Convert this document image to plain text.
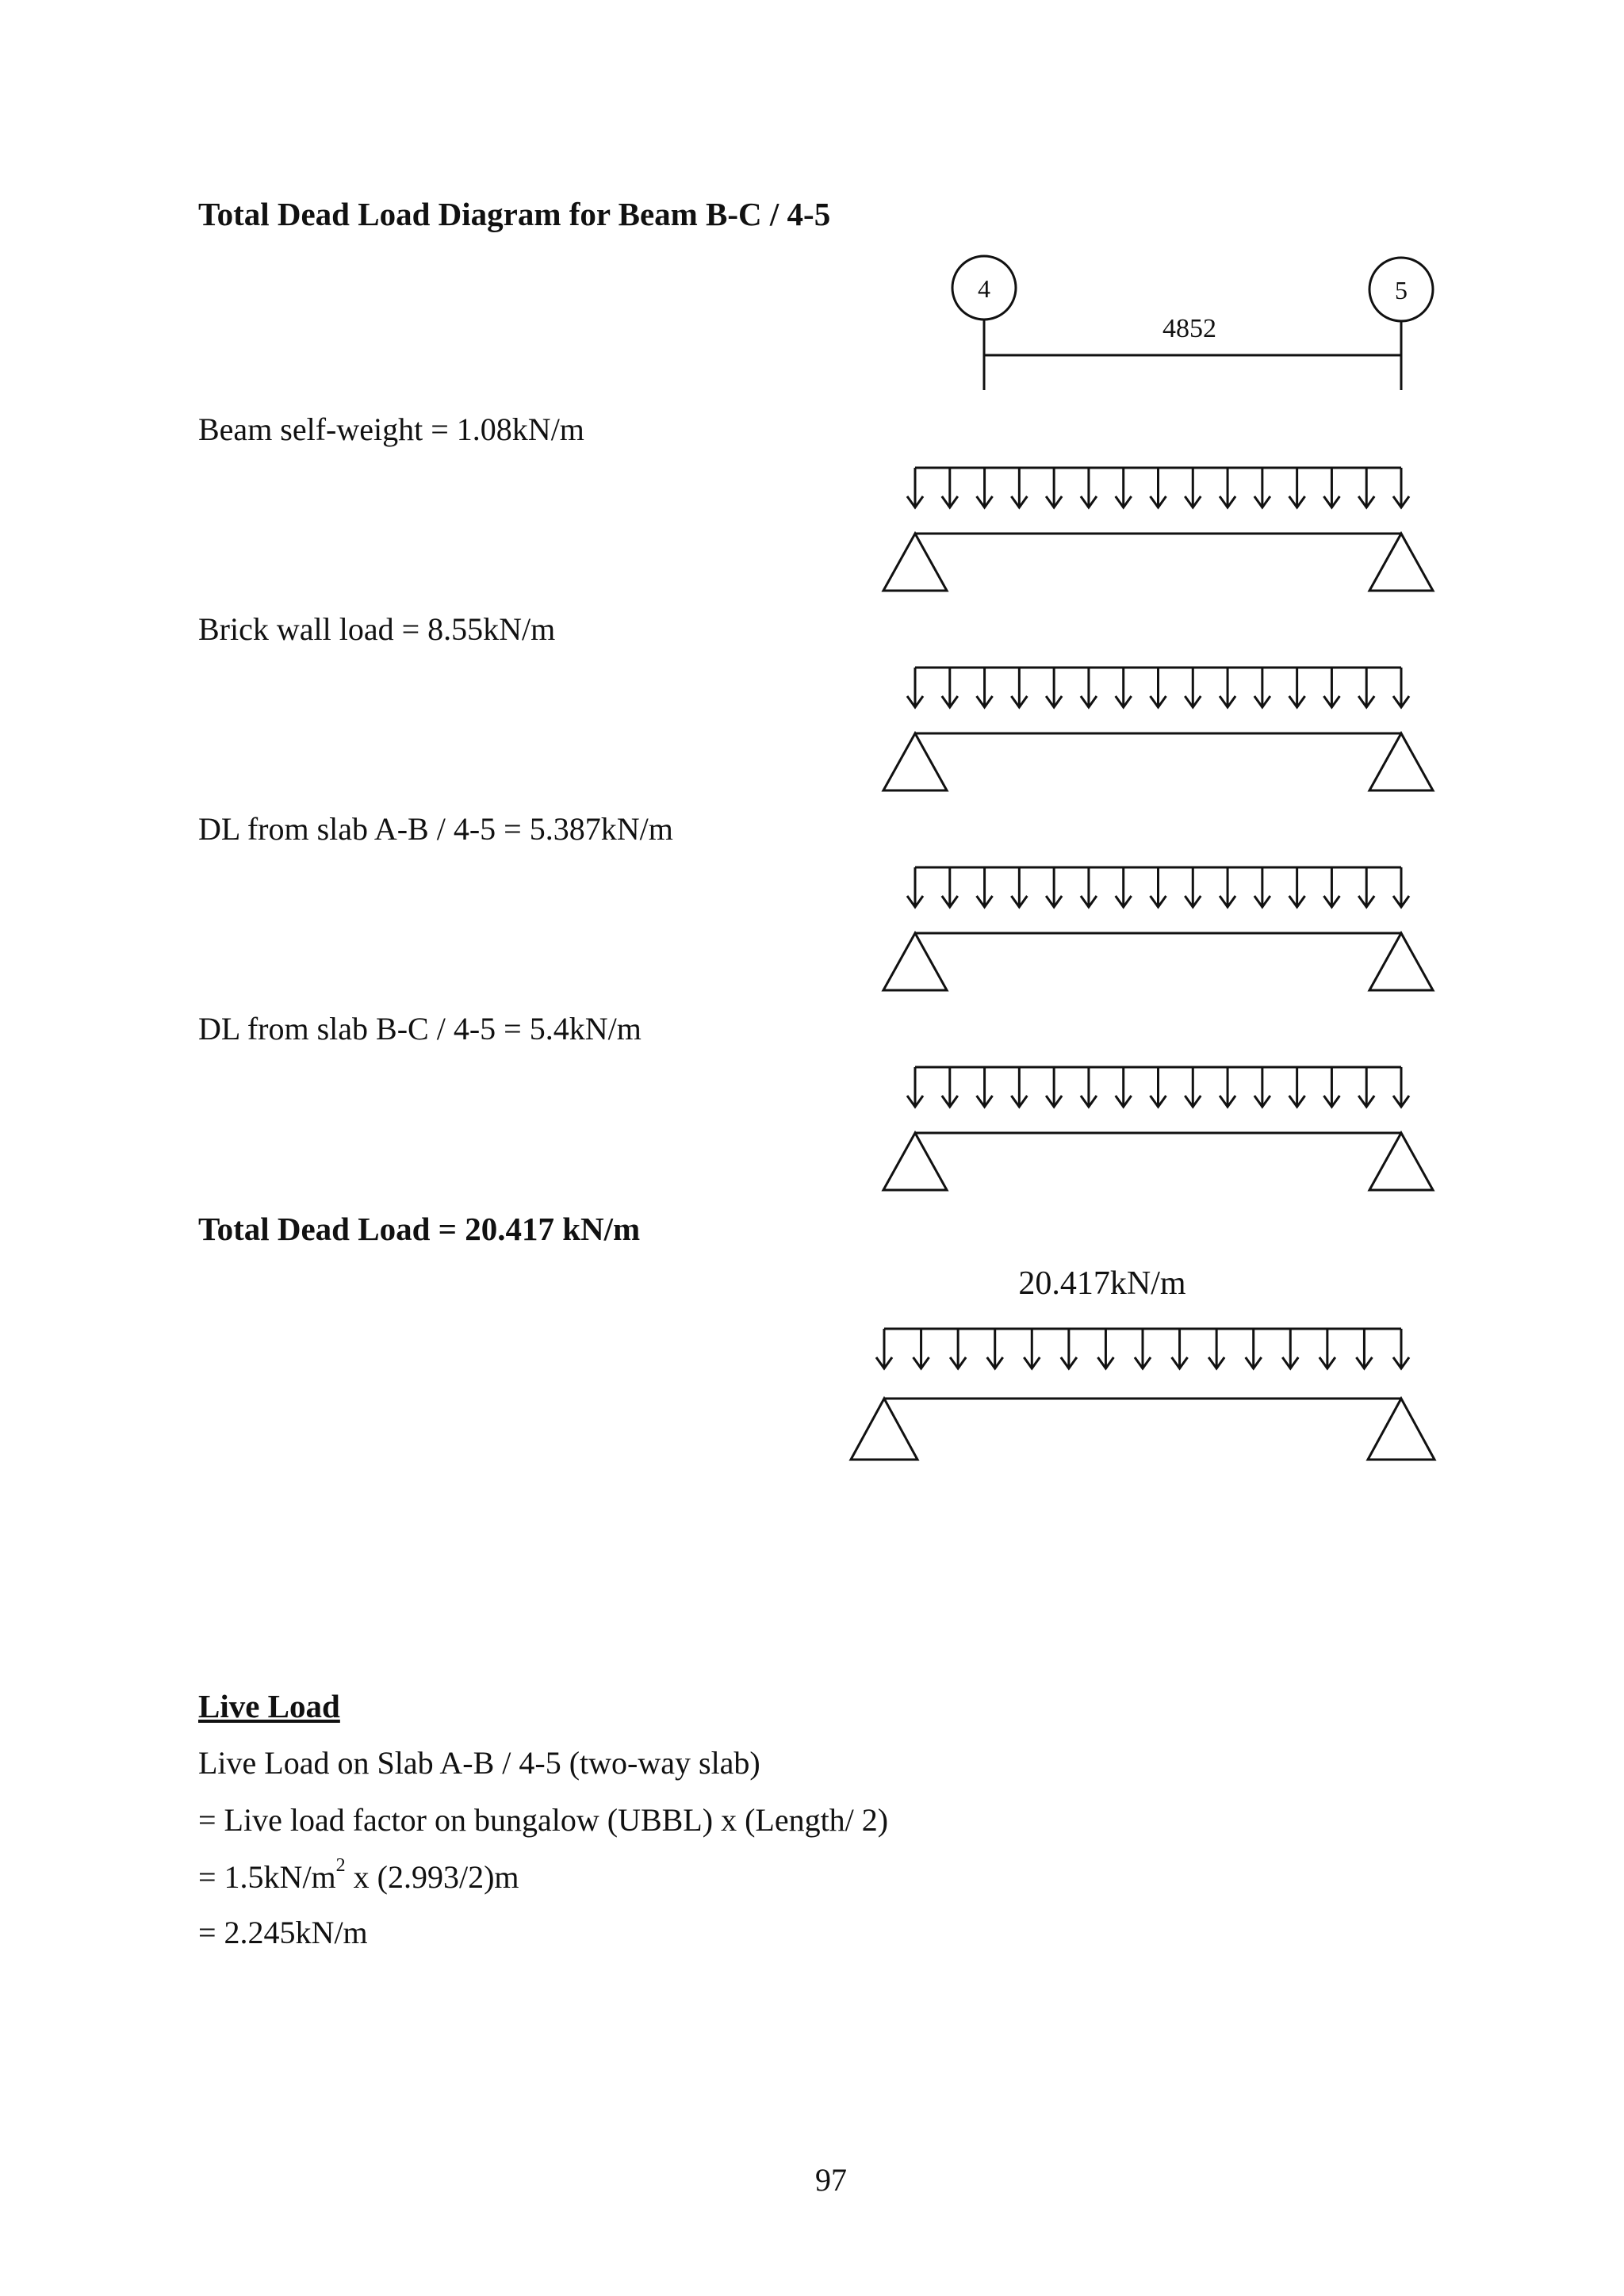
Total Dead Load Diagram for Beam B-C / 4-5
Beam self-weight = 1.08kN/m
Brick wall load = 8.55kN/m
DL from slab A-B / 4-5 = 5.387kN/m
DL from slab B-C / 4-5 = 5.4kN/m
Total Dead Load = 20.417 kN/m
Live Load
Live Load on Slab A-B / 4-5 (two-way slab)
= Live load factor on bungalow (UBBL) x (Length/ 2)
= $1.5kN/m^2$ x (2.993/2)m
= 2.245kN/m
97
4	5
4852
20.417kN/m
